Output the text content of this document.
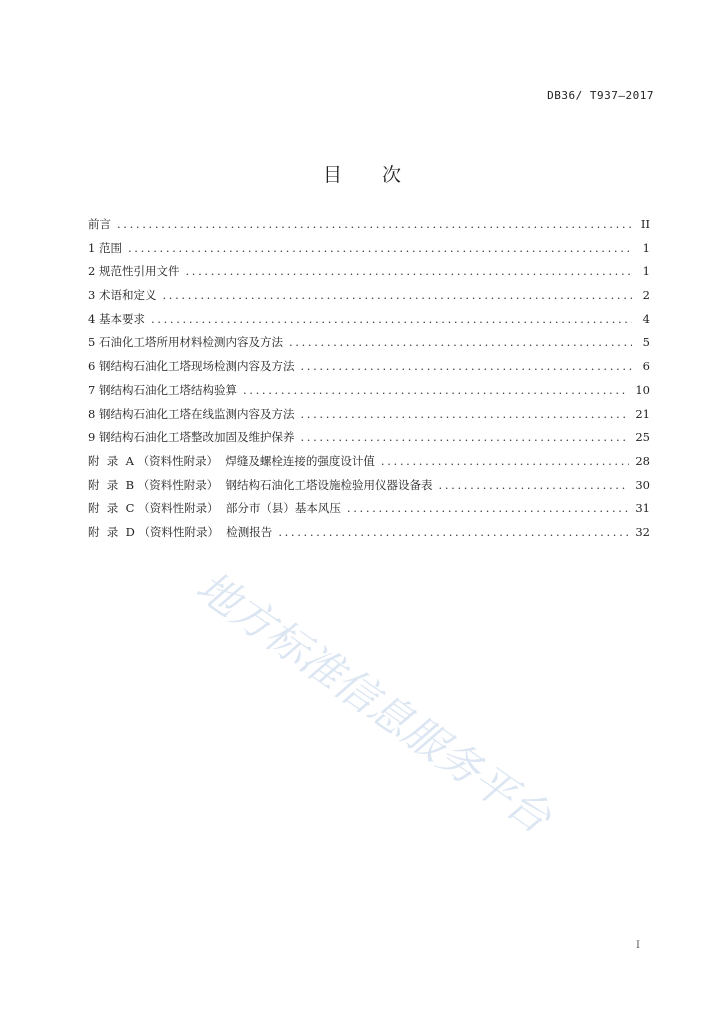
DB36/ T937—2017
目 次
前言 . . .	II
1 范围 . . .	1
2 规范性引用文件 . . .	1
3 术语和定义 . . .	2
4 基本要求 . . .	4
5 石油化工塔所用材料检测内容及方法 . . .	5
6 钢结构石油化工塔现场检测内容及方法 . . .	6
7 钢结构石油化工塔结构验算 . . .	10
8 钢结构石油化工塔在线监测内容及方法 . . .	21
9 钢结构石油化工塔整改加固及维护保养 . . .	25
附  录  A （资料性附录）  焊缝及螺栓连接的强度设计值 . . .	28
附  录  B （资料性附录）  钢结构石油化工塔设施检验用仪器设备表 . . .	30
附  录  C （资料性附录）  部分市（县）基本风压 . . .	31
附  录  D （资料性附录）  检测报告 . . .	32
地方标准信息服务平台
I
